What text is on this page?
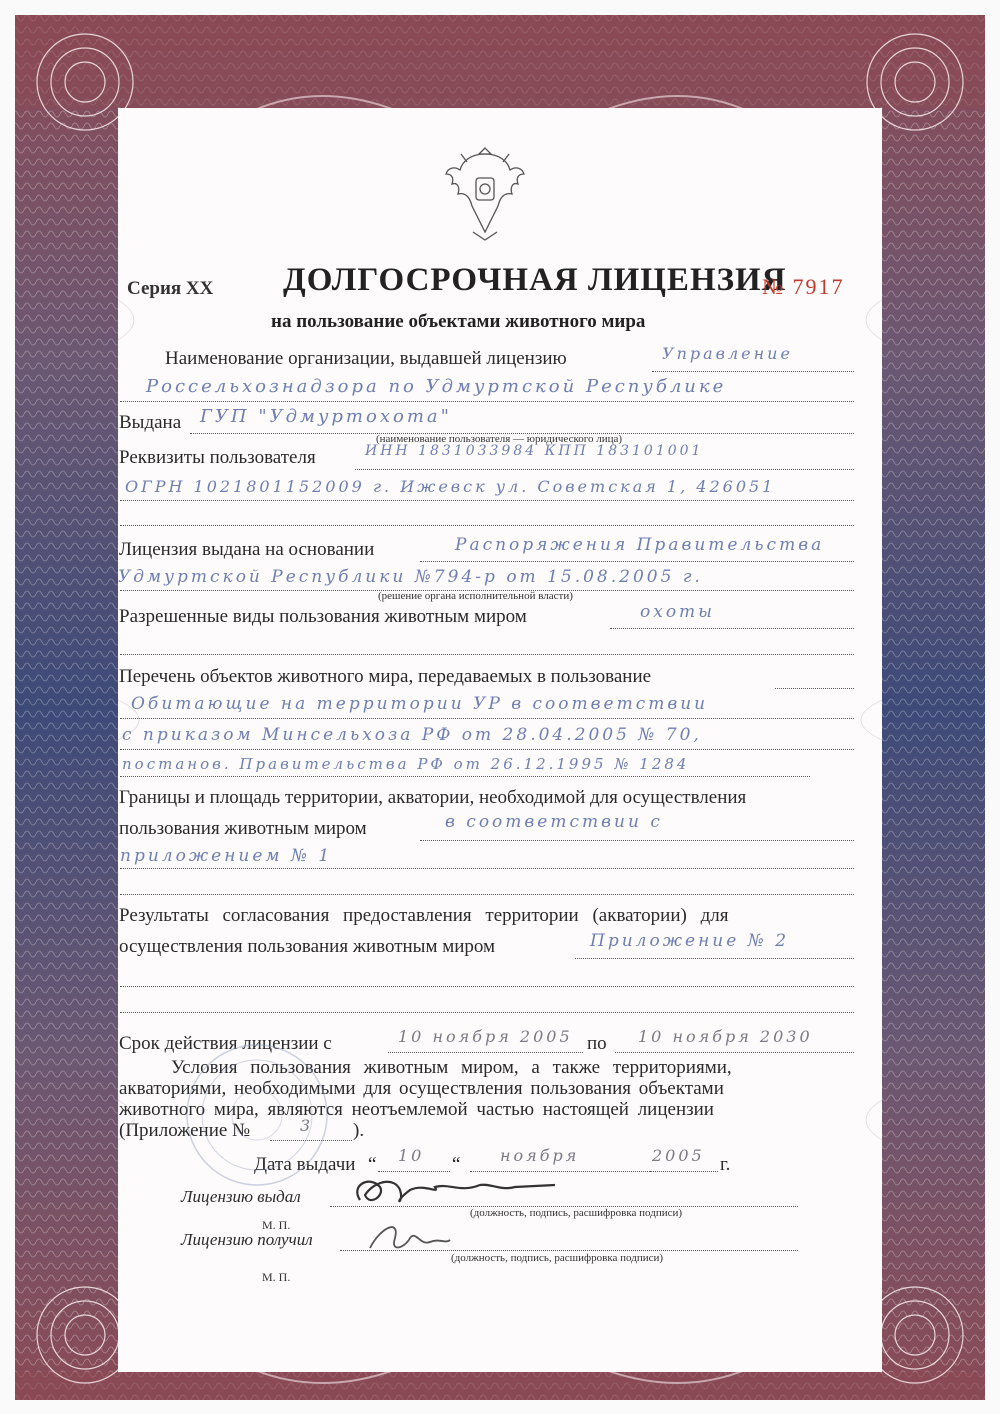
Серия XX ДОЛГОСРОЧНАЯ ЛИЦЕНЗИЯ
№ 7917
на пользование объектами животного мира
Наименование организации, выдавшей лицензию	Управление
Россельхознадзора по Удмуртской Республике
Выдана ГУП "Удмуртохота"
(наименование пользователя — юридического лица)
Реквизиты пользователя	ИНН 1831033984 КПП 183101001
ОГРН 1021801152009 г. Ижевск ул. Советская 1, 426051
Лицензия выдана на основании	Распоряжения Правительства
Удмуртской Республики №794-р от 15.08.2005 г.
(решение органа исполнительной власти)
Разрешенные виды пользования животным миром	охоты
Перечень объектов животного мира, передаваемых в пользование
Обитающие на территории УР в соответствии
с приказом Минсельхоза РФ от 28.04.2005 № 70,
постанов. Правительства РФ от 26.12.1995 № 1284
Границы и площадь территории, акватории, необходимой для осуществления
пользования животным миром	в соответствии с
приложением № 1
Результаты согласования предоставления территории (акватории) для
осуществления пользования животным миром	Приложение № 2
Срок действия лицензии с	10 ноября 2005 по 10 ноября 2030
Условия пользования животным миром, а также территориями,
акваториями, необходимыми для осуществления пользования объектами
животного мира, являются неотъемлемой частью настоящей лицензии
(Приложение №	3 ).
Дата выдачи “ 10 “ ноября	2005 г.
Лицензию выдал
(должность, подпись, расшифровка подписи)
М. П.
Лицензию получил
(должность, подпись, расшифровка подписи)
М. П.
